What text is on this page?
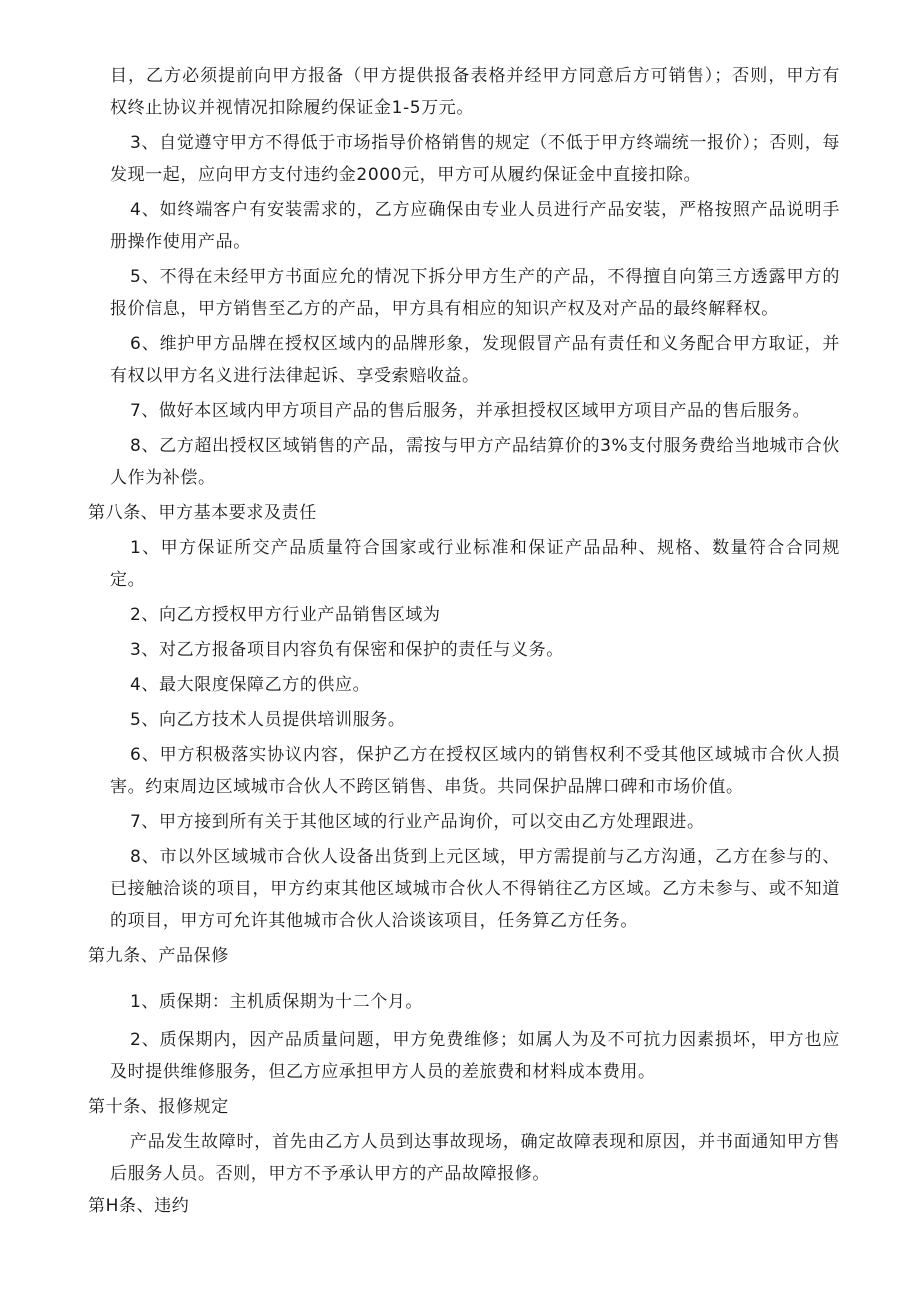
目，乙方必须提前向甲方报备（甲方提供报备表格并经甲方同意后方可销售）；否则，甲方有权终止协议并视情况扣除履约保证金1-5万元。
3、自觉遵守甲方不得低于市场指导价格销售的规定（不低于甲方终端统一报价）；否则，每发现一起，应向甲方支付违约金2000元，甲方可从履约保证金中直接扣除。
4、如终端客户有安装需求的，乙方应确保由专业人员进行产品安装，严格按照产品说明手册操作使用产品。
5、不得在未经甲方书面应允的情况下拆分甲方生产的产品，不得擅自向第三方透露甲方的报价信息，甲方销售至乙方的产品，甲方具有相应的知识产权及对产品的最终解释权。
6、维护甲方品牌在授权区域内的品牌形象，发现假冒产品有责任和义务配合甲方取证，并有权以甲方名义进行法律起诉、享受索赔收益。
7、做好本区域内甲方项目产品的售后服务，并承担授权区域甲方项目产品的售后服务。
8、乙方超出授权区域销售的产品，需按与甲方产品结算价的3%支付服务费给当地城市合伙人作为补偿。
第八条、甲方基本要求及责任
1、甲方保证所交产品质量符合国家或行业标准和保证产品品种、规格、数量符合合同规定。
2、向乙方授权甲方行业产品销售区域为
3、对乙方报备项目内容负有保密和保护的责任与义务。
4、最大限度保障乙方的供应。
5、向乙方技术人员提供培训服务。
6、甲方积极落实协议内容，保护乙方在授权区域内的销售权利不受其他区域城市合伙人损害。约束周边区域城市合伙人不跨区销售、串货。共同保护品牌口碑和市场价值。
7、甲方接到所有关于其他区域的行业产品询价，可以交由乙方处理跟进。
8、市以外区域城市合伙人设备出货到上元区域，甲方需提前与乙方沟通，乙方在参与的、已接触洽谈的项目，甲方约束其他区域城市合伙人不得销往乙方区域。乙方未参与、或不知道的项目，甲方可允许其他城市合伙人洽谈该项目，任务算乙方任务。
第九条、产品保修
1、质保期：主机质保期为十二个月。
2、质保期内，因产品质量问题，甲方免费维修；如属人为及不可抗力因素损坏，甲方也应及时提供维修服务，但乙方应承担甲方人员的差旅费和材料成本费用。
第十条、报修规定
产品发生故障时，首先由乙方人员到达事故现场，确定故障表现和原因，并书面通知甲方售后服务人员。否则，甲方不予承认甲方的产品故障报修。
第H条、违约
